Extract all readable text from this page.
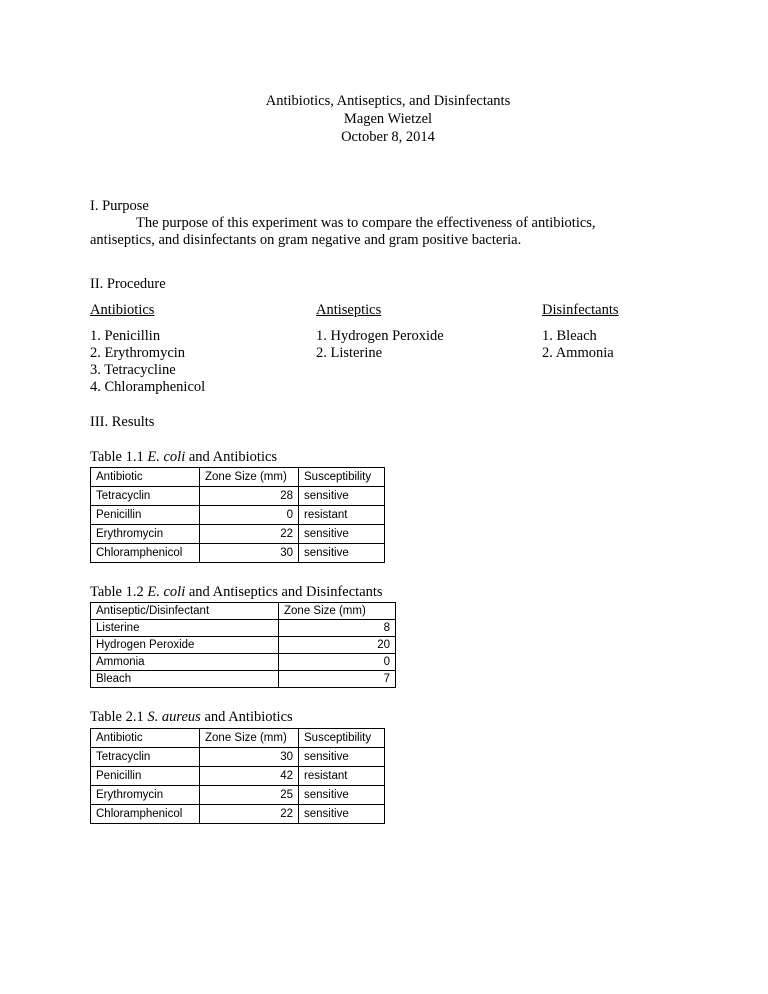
Antibiotics, Antiseptics, and Disinfectants
Magen Wietzel
October 8, 2014
I. Purpose
The purpose of this experiment was to compare the effectiveness of antibiotics,
antiseptics, and disinfectants on gram negative and gram positive bacteria.
II. Procedure
Antibiotics	Antiseptics	Disinfectants
1. Penicillin
2. Erythromycin
3. Tetracycline
4. Chloramphenicol
1. Hydrogen Peroxide
2. Listerine
1. Bleach
2. Ammonia
III. Results
Table 1.1 E. coli and Antibiotics
Antibiotic	Zone Size (mm)	Susceptibility
Tetracyclin	28	sensitive
Penicillin	0	resistant
Erythromycin	22	sensitive
Chloramphenicol	30	sensitive
Table 1.2 E. coli and Antiseptics and Disinfectants
Antiseptic/Disinfectant	Zone Size (mm)
Listerine	8
Hydrogen Peroxide	20
Ammonia	0
Bleach	7
Table 2.1 S. aureus and Antibiotics
Antibiotic	Zone Size (mm)	Susceptibility
Tetracyclin	30	sensitive
Penicillin	42	resistant
Erythromycin	25	sensitive
Chloramphenicol	22	sensitive
